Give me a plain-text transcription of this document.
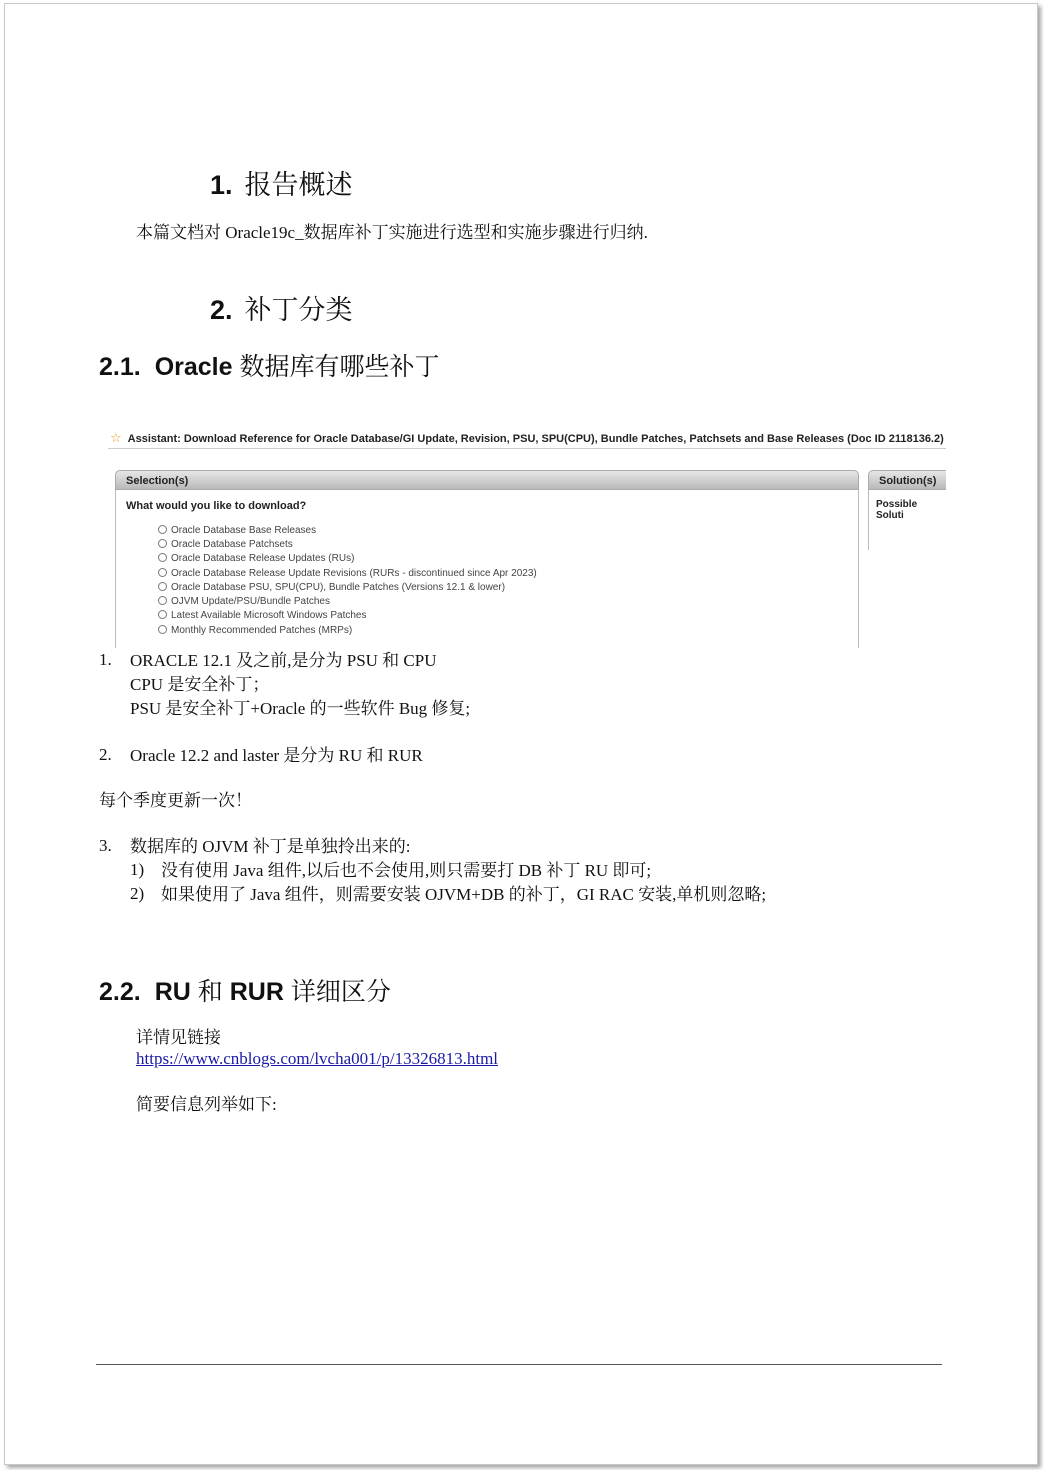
1. 报告概述
本篇文档对 Oracle19c_数据库补丁实施进行选型和实施步骤进行归纳.
2. 补丁分类
2.1. Oracle 数据库有哪些补丁
☆ Assistant: Download Reference for Oracle Database/GI Update, Revision, PSU, SPU(CPU), Bundle Patches, Patchsets and Base Releases (Doc ID 2118136.2)
Selection(s)
What would you like to download?
Oracle Database Base Releases
Oracle Database Patchsets
Oracle Database Release Updates (RUs)
Oracle Database Release Update Revisions (RURs - discontinued since Apr 2023)
Oracle Database PSU, SPU(CPU), Bundle Patches (Versions 12.1 & lower)
OJVM Update/PSU/Bundle Patches
Latest Available Microsoft Windows Patches
Monthly Recommended Patches (MRPs)
Solution(s)
Possible Soluti
1. ORACLE 12.1 及之前,是分为 PSU 和 CPU
CPU 是安全补丁；
PSU 是安全补丁+Oracle 的一些软件 Bug 修复;
2. Oracle 12.2 and laster 是分为 RU 和 RUR
每个季度更新一次！
3. 数据库的 OJVM 补丁是单独拎出来的:
1) 没有使用 Java 组件,以后也不会使用,则只需要打 DB 补丁 RU 即可;
2) 如果使用了 Java 组件，则需要安装 OJVM+DB 的补丁，GI RAC 安装,单机则忽略;
2.2. RU 和 RUR 详细区分
详情见链接
https://www.cnblogs.com/lvcha001/p/13326813.html
简要信息列举如下:
